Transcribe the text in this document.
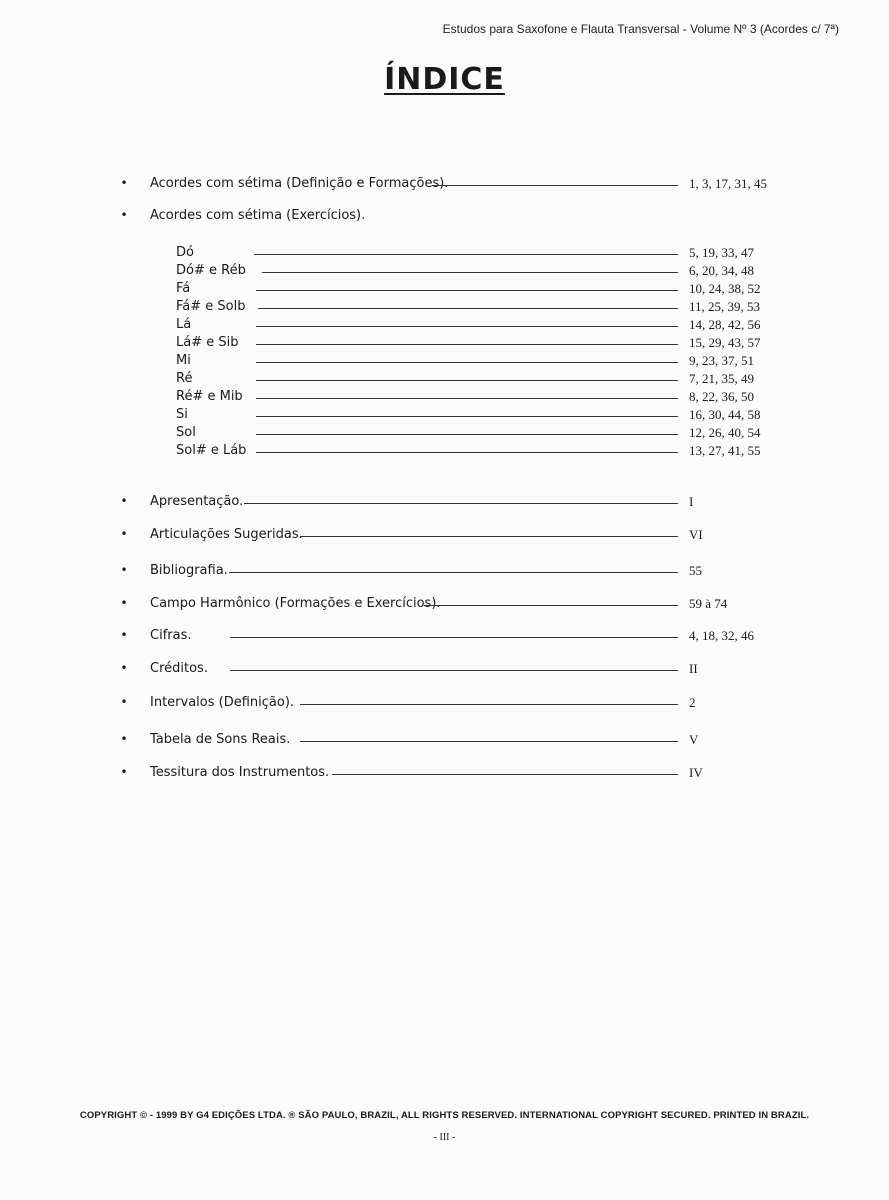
Estudos para Saxofone e Flauta Transversal - Volume Nº 3 (Acordes c/ 7ª)
ÍNDICE
• Acordes com sétima (Definição e Formações).	1, 3, 17, 31, 45
• Acordes com sétima (Exercícios).
Dó	5, 19, 33, 47
Dó# e Réb	6, 20, 34, 48
Fá	10, 24, 38, 52
Fá# e Solb	11, 25, 39, 53
Lá	14, 28, 42, 56
Lá# e Sib	15, 29, 43, 57
Mi	9, 23, 37, 51
Ré	7, 21, 35, 49
Ré# e Mib	8, 22, 36, 50
Si	16, 30, 44, 58
Sol	12, 26, 40, 54
Sol# e Láb	13, 27, 41, 55
• Apresentação.	I
• Articulações Sugeridas.	VI
• Bibliografia.	55
• Campo Harmônico (Formações e Exercícios).	59 à 74
• Cifras.	4, 18, 32, 46
• Créditos.	II
• Intervalos (Definição).	2
• Tabela de Sons Reais.	V
• Tessitura dos Instrumentos.	IV
COPYRIGHT © - 1999 BY G4 EDIÇÕES LTDA. ® SÃO PAULO, BRAZIL, ALL RIGHTS RESERVED. INTERNATIONAL COPYRIGHT SECURED. PRINTED IN BRAZIL.
- III -
